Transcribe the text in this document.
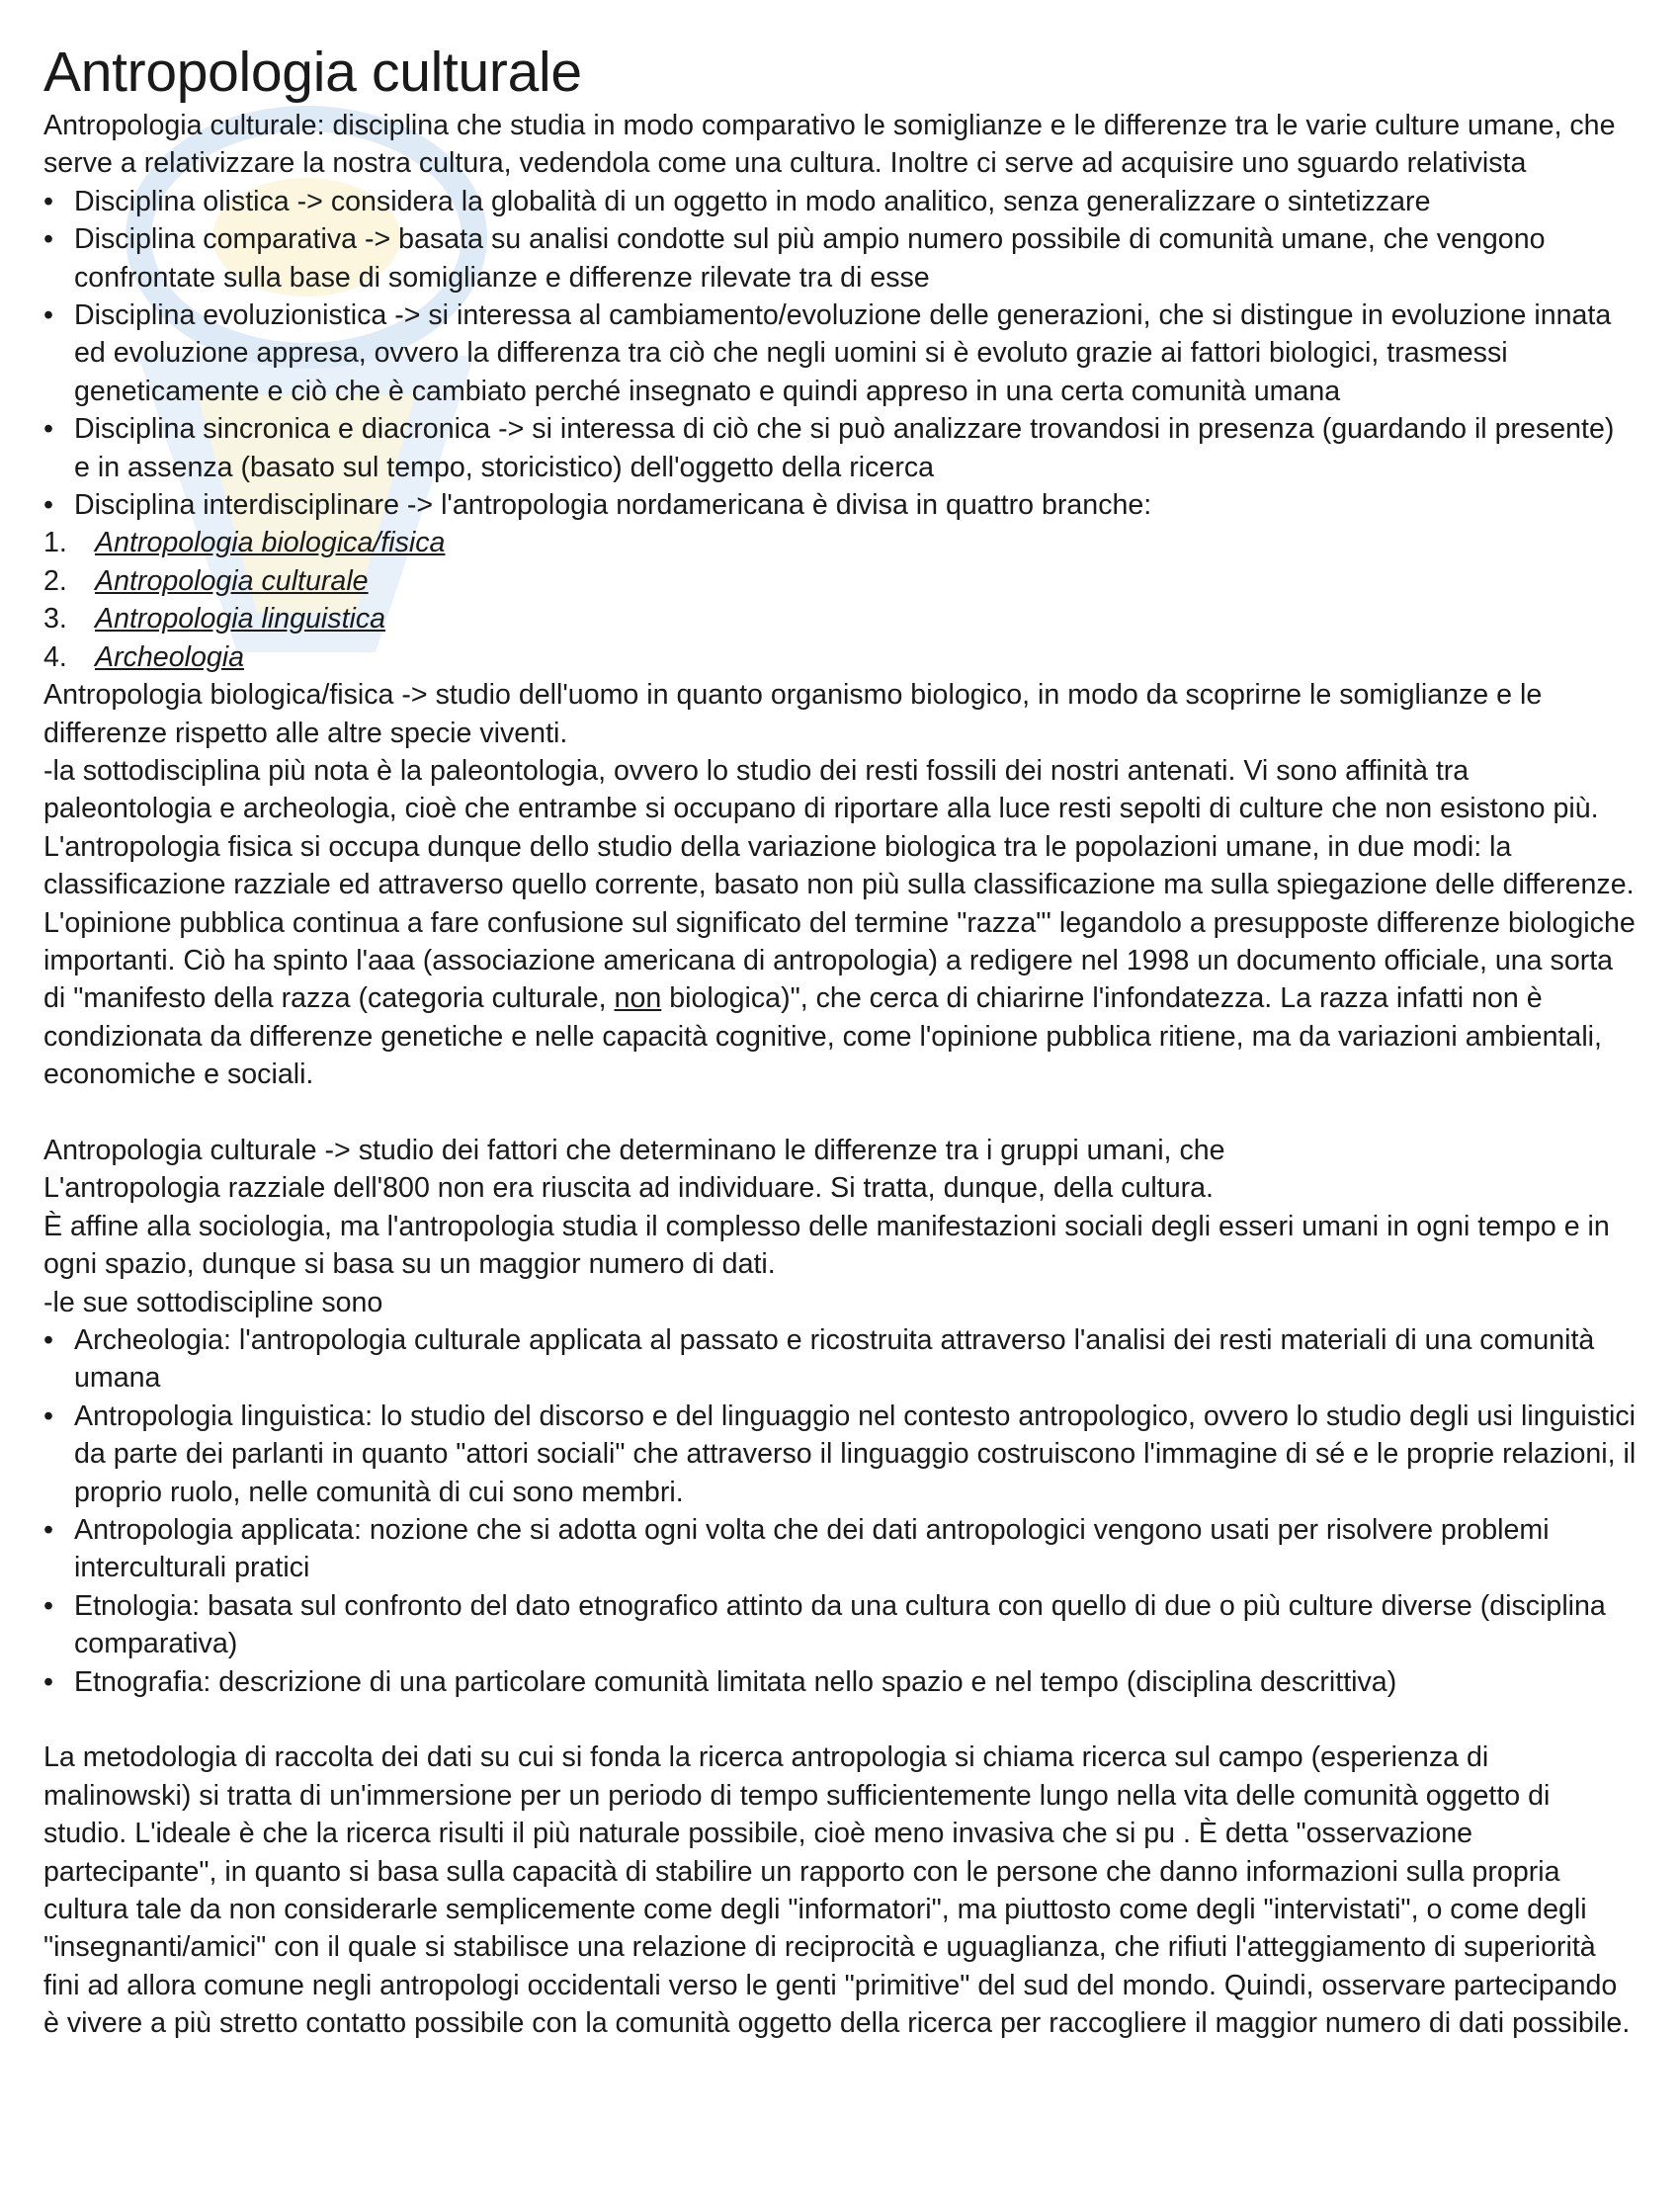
Antropologia culturale

Antropologia culturale: disciplina che studia in modo comparativo le somiglianze e le differenze tra le varie culture umane, che serve a relativizzare la nostra cultura, vedendola come una cultura. Inoltre ci serve ad acquisire uno sguardo relativista

• Disciplina olistica -> considera la globalità di un oggetto in modo analitico, senza generalizzare o sintetizzare
• Disciplina comparativa -> basata su analisi condotte sul più ampio numero possibile di comunità umane, che vengono confrontate sulla base di somiglianze e differenze rilevate tra di esse
• Disciplina evoluzionistica -> si interessa al cambiamento/evoluzione delle generazioni, che si distingue in evoluzione innata ed evoluzione appresa, ovvero la differenza tra ciò che negli uomini si è evoluto grazie ai fattori biologici, trasmessi geneticamente e ciò che è cambiato perché insegnato e quindi appreso in una certa comunità umana
• Disciplina sincronica e diacronica -> si interessa di ciò che si può analizzare trovandosi in presenza (guardando il presente) e in assenza (basato sul tempo, storicistico) dell'oggetto della ricerca
• Disciplina interdisciplinare -> l'antropologia nordamericana è divisa in quattro branche:
1. Antropologia biologica/fisica
2. Antropologia culturale
3. Antropologia linguistica
4. Archeologia

Antropologia biologica/fisica -> studio dell'uomo in quanto organismo biologico, in modo da scoprirne le somiglianze e le differenze rispetto alle altre specie viventi.

-la sottodisciplina più nota è la paleontologia, ovvero lo studio dei resti fossili dei nostri antenati. Vi sono affinità tra paleontologia e archeologia, cioè che entrambe si occupano di riportare alla luce resti sepolti di culture che non esistono più.

L'antropologia fisica si occupa dunque dello studio della variazione biologica tra le popolazioni umane, in due modi: la classificazione razziale ed attraverso quello corrente, basato non più sulla classificazione ma sulla spiegazione delle differenze. L'opinione pubblica continua a fare confusione sul significato del termine "razza"' legandolo a presupposte differenze biologiche importanti. Ciò ha spinto l'aaa (associazione americana di antropologia) a redigere nel 1998 un documento officiale, una sorta di "manifesto della razza (categoria culturale, non biologica)", che cerca di chiarirne l'infondatezza. La razza infatti non è condizionata da differenze genetiche e nelle capacità cognitive, come l'opinione pubblica ritiene, ma da variazioni ambientali, economiche e sociali.

Antropologia culturale -> studio dei fattori che determinano le differenze tra i gruppi umani, che

L'antropologia razziale dell'800 non era riuscita ad individuare. Si tratta, dunque, della cultura.

È affine alla sociologia, ma l'antropologia studia il complesso delle manifestazioni sociali degli esseri umani in ogni tempo e in ogni spazio, dunque si basa su un maggior numero di dati.

-le sue sottodiscipline sono

• Archeologia: l'antropologia culturale applicata al passato e ricostruita attraverso l'analisi dei resti materiali di una comunità umana
• Antropologia linguistica: lo studio del discorso e del linguaggio nel contesto antropologico, ovvero lo studio degli usi linguistici da parte dei parlanti in quanto "attori sociali" che attraverso il linguaggio costruiscono l'immagine di sé e le proprie relazioni, il proprio ruolo, nelle comunità di cui sono membri.
• Antropologia applicata: nozione che si adotta ogni volta che dei dati antropologici vengono usati per risolvere problemi interculturali pratici
• Etnologia: basata sul confronto del dato etnografico attinto da una cultura con quello di due o più culture diverse (disciplina comparativa)
• Etnografia: descrizione di una particolare comunità limitata nello spazio e nel tempo (disciplina descrittiva)

La metodologia di raccolta dei dati su cui si fonda la ricerca antropologia si chiama ricerca sul campo (esperienza di malinowski) si tratta di un'immersione per un periodo di tempo sufficientemente lungo nella vita delle comunità oggetto di studio. L'ideale è che la ricerca risulti il più naturale possibile, cioè meno invasiva che si pu . È detta "osservazione partecipante", in quanto si basa sulla capacità di stabilire un rapporto con le persone che danno informazioni sulla propria cultura tale da non considerarle semplicemente come degli "informatori", ma piuttosto come degli "intervistati", o come degli "insegnanti/amici" con il quale si stabilisce una relazione di reciprocità e uguaglianza, che rifiuti l'atteggiamento di superiorità fini ad allora comune negli antropologi occidentali verso le genti "primitive" del sud del mondo. Quindi, osservare partecipando è vivere a più stretto contatto possibile con la comunità oggetto della ricerca per raccogliere il maggior numero di dati possibile.
